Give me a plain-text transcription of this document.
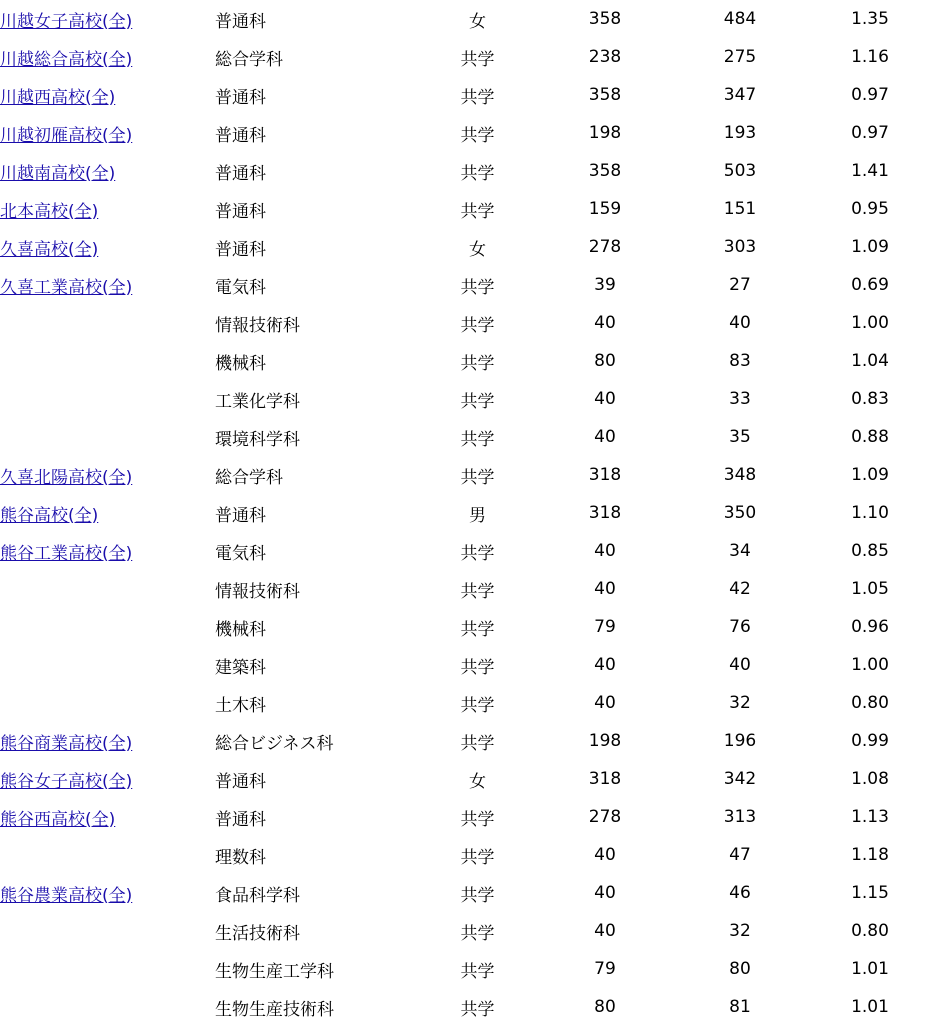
川越女子高校(全)	普通科	女	358	484	1.35
川越総合高校(全)	総合学科	共学	238	275	1.16
川越西高校(全)	普通科	共学	358	347	0.97
川越初雁高校(全)	普通科	共学	198	193	0.97
川越南高校(全)	普通科	共学	358	503	1.41
北本高校(全)	普通科	共学	159	151	0.95
久喜高校(全)	普通科	女	278	303	1.09
久喜工業高校(全)	電気科	共学	39	27	0.69
	情報技術科	共学	40	40	1.00
	機械科	共学	80	83	1.04
	工業化学科	共学	40	33	0.83
	環境科学科	共学	40	35	0.88
久喜北陽高校(全)	総合学科	共学	318	348	1.09
熊谷高校(全)	普通科	男	318	350	1.10
熊谷工業高校(全)	電気科	共学	40	34	0.85
	情報技術科	共学	40	42	1.05
	機械科	共学	79	76	0.96
	建築科	共学	40	40	1.00
	土木科	共学	40	32	0.80
熊谷商業高校(全)	総合ビジネス科	共学	198	196	0.99
熊谷女子高校(全)	普通科	女	318	342	1.08
熊谷西高校(全)	普通科	共学	278	313	1.13
	理数科	共学	40	47	1.18
熊谷農業高校(全)	食品科学科	共学	40	46	1.15
	生活技術科	共学	40	32	0.80
	生物生産工学科	共学	79	80	1.01
	生物生産技術科	共学	80	81	1.01
